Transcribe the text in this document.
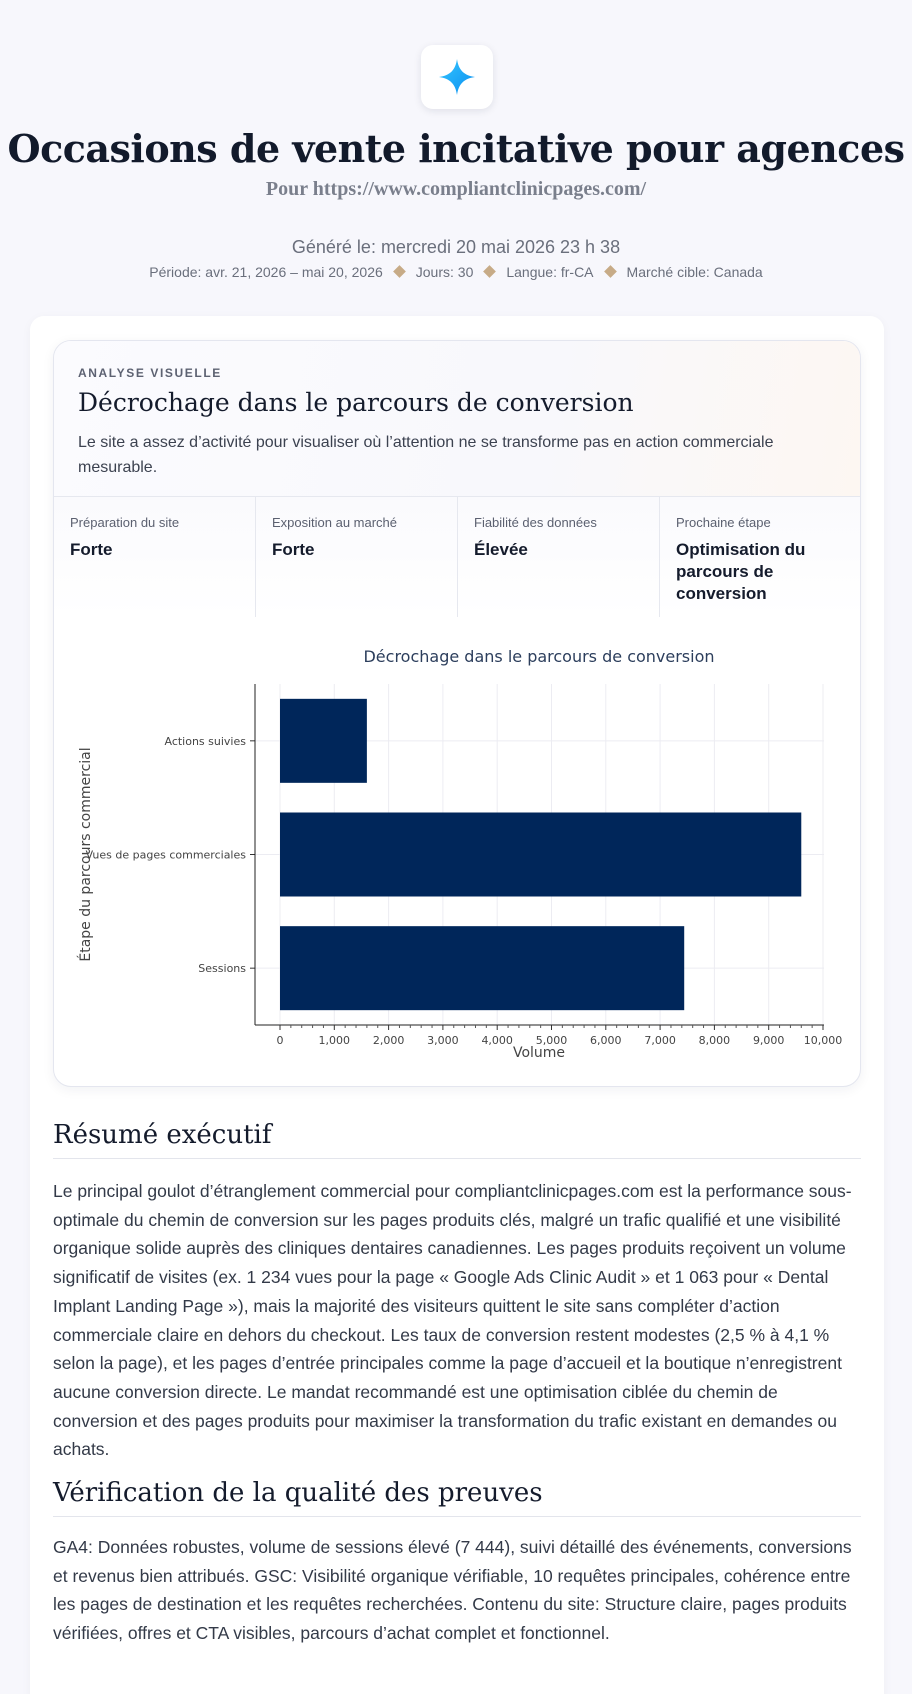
Occasions de vente incitative pour agences
Pour https://www.compliantclinicpages.com/
Généré le: mercredi 20 mai 2026 23 h 38
Période: avr. 21, 2026 – mai 20, 2026 Jours: 30 Langue: fr-CA Marché cible: Canada
ANALYSE VISUELLE
Décrochage dans le parcours de conversion
Le site a assez d’activité pour visualiser où l’attention ne se transforme pas en action commerciale mesurable.
Préparation du site
Forte
Exposition au marché
Forte
Fiabilité des données
Élevée
Prochaine étape
Optimisation du parcours de conversion
Actions suivies
Vues de pages commerciales
Sessions
0	1,000 2,000 3,000 4,000 5,000 6,000 7,000 8,000 9,000 10,000
Décrochage dans le parcours de conversion
Volume
Étape du parcours commercial
Résumé exécutif
Le principal goulot d’étranglement commercial pour compliantclinicpages.com est la performance sous-optimale du chemin de conversion sur les pages produits clés, malgré un trafic qualifié et une visibilité organique solide auprès des cliniques dentaires canadiennes. Les pages produits reçoivent un volume significatif de visites (ex. 1 234 vues pour la page « Google Ads Clinic Audit » et 1 063 pour « Dental Implant Landing Page »), mais la majorité des visiteurs quittent le site sans compléter d’action commerciale claire en dehors du checkout. Les taux de conversion restent modestes (2,5 % à 4,1 % selon la page), et les pages d’entrée principales comme la page d’accueil et la boutique n’enregistrent aucune conversion directe. Le mandat recommandé est une optimisation ciblée du chemin de conversion et des pages produits pour maximiser la transformation du trafic existant en demandes ou achats.
Vérification de la qualité des preuves
GA4: Données robustes, volume de sessions élevé (7 444), suivi détaillé des événements, conversions et revenus bien attribués. GSC: Visibilité organique vérifiable, 10 requêtes principales, cohérence entre les pages de destination et les requêtes recherchées. Contenu du site: Structure claire, pages produits vérifiées, offres et CTA visibles, parcours d’achat complet et fonctionnel.
